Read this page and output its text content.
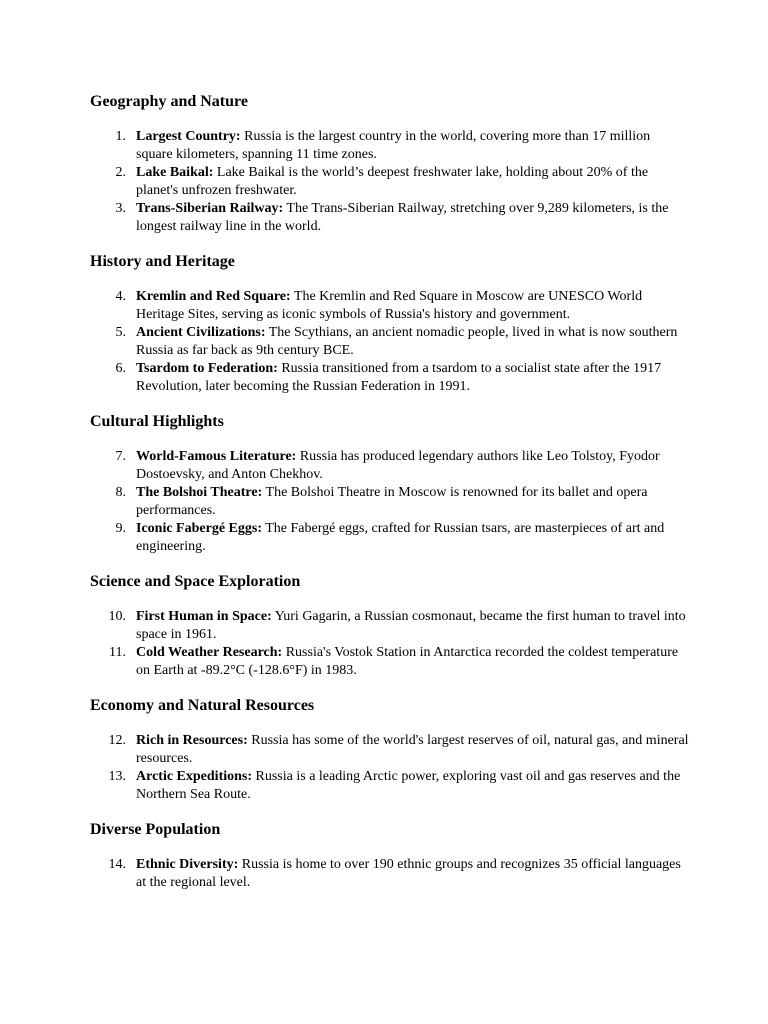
Geography and Nature
1. Largest Country: Russia is the largest country in the world, covering more than 17 million square kilometers, spanning 11 time zones.
2. Lake Baikal: Lake Baikal is the world’s deepest freshwater lake, holding about 20% of the planet's unfrozen freshwater.
3. Trans-Siberian Railway: The Trans-Siberian Railway, stretching over 9,289 kilometers, is the longest railway line in the world.
History and Heritage
4. Kremlin and Red Square: The Kremlin and Red Square in Moscow are UNESCO World Heritage Sites, serving as iconic symbols of Russia's history and government.
5. Ancient Civilizations: The Scythians, an ancient nomadic people, lived in what is now southern Russia as far back as 9th century BCE.
6. Tsardom to Federation: Russia transitioned from a tsardom to a socialist state after the 1917 Revolution, later becoming the Russian Federation in 1991.
Cultural Highlights
7. World-Famous Literature: Russia has produced legendary authors like Leo Tolstoy, Fyodor Dostoevsky, and Anton Chekhov.
8. The Bolshoi Theatre: The Bolshoi Theatre in Moscow is renowned for its ballet and opera performances.
9. Iconic Fabergé Eggs: The Fabergé eggs, crafted for Russian tsars, are masterpieces of art and engineering.
Science and Space Exploration
10. First Human in Space: Yuri Gagarin, a Russian cosmonaut, became the first human to travel into space in 1961.
11. Cold Weather Research: Russia's Vostok Station in Antarctica recorded the coldest temperature on Earth at -89.2°C (-128.6°F) in 1983.
Economy and Natural Resources
12. Rich in Resources: Russia has some of the world's largest reserves of oil, natural gas, and mineral resources.
13. Arctic Expeditions: Russia is a leading Arctic power, exploring vast oil and gas reserves and the Northern Sea Route.
Diverse Population
14. Ethnic Diversity: Russia is home to over 190 ethnic groups and recognizes 35 official languages at the regional level.
